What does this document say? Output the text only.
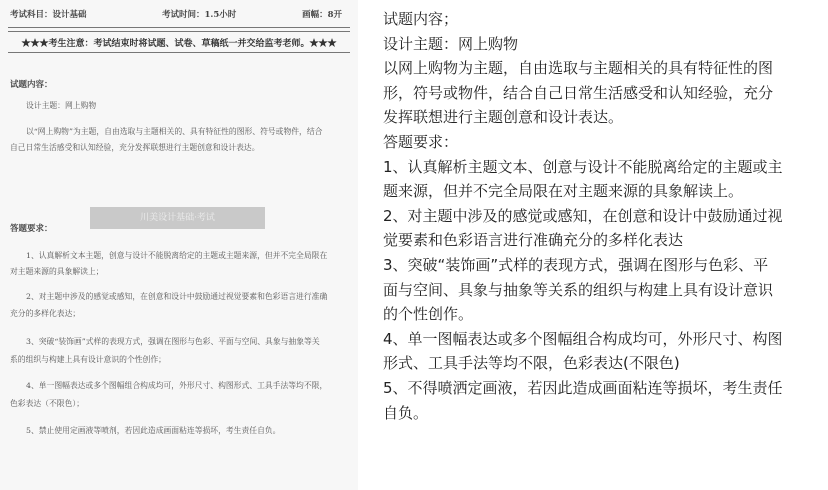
考试科目：设计基础	考试时间：1.5小时	画幅：8开
★★★考生注意：考试结束时将试题、试卷、草稿纸一并交给监考老师。★★★
试题内容：
设计主题：网上购物
以“网上购物”为主题，自由选取与主题相关的、具有特征性的图形、符号或物件，结合
自己日常生活感受和认知经验，充分发挥联想进行主题创意和设计表达。
川美设计基础·考试
答题要求：
1、认真解析文本主题，创意与设计不能脱离给定的主题或主题来源，但并不完全局限在
对主题来源的具象解读上；
2、对主题中涉及的感觉或感知，在创意和设计中鼓励通过视觉要素和色彩语言进行准确
充分的多样化表达；
3、突破“装饰画”式样的表现方式，强调在图形与色彩、平面与空间、具象与抽象等关
系的组织与构建上具有设计意识的个性创作；
4、单一图幅表达或多个图幅组合构成均可，外形尺寸、构图形式、工具手法等均不限，
色彩表达（不限色）；
5、禁止使用定画液等喷剂，若因此造成画面粘连等损坏，考生责任自负。

试题内容；

设计主题：网上购物

以网上购物为主题，自由选取与主题相关的具有特征性的图

形，符号或物件，结合自己日常生活感受和认知经验，充分

发挥联想进行主题创意和设计表达。

答题要求：

1、认真解析主题文本、创意与设计不能脱离给定的主题或主

题来源，但并不完全局限在对主题来源的具象解读上。

2、对主题中涉及的感觉或感知，在创意和设计中鼓励通过视

觉要素和色彩语言进行准确充分的多样化表达

3、突破“装饰画”式样的表现方式，强调在图形与色彩、平

面与空间、具象与抽象等关系的组织与构建上具有设计意识

的个性创作。

4、单一图幅表达或多个图幅组合构成均可，外形尺寸、构图

形式、工具手法等均不限，色彩表达(不限色)

5、不得喷洒定画液，若因此造成画面粘连等损坏，考生责任

自负。
